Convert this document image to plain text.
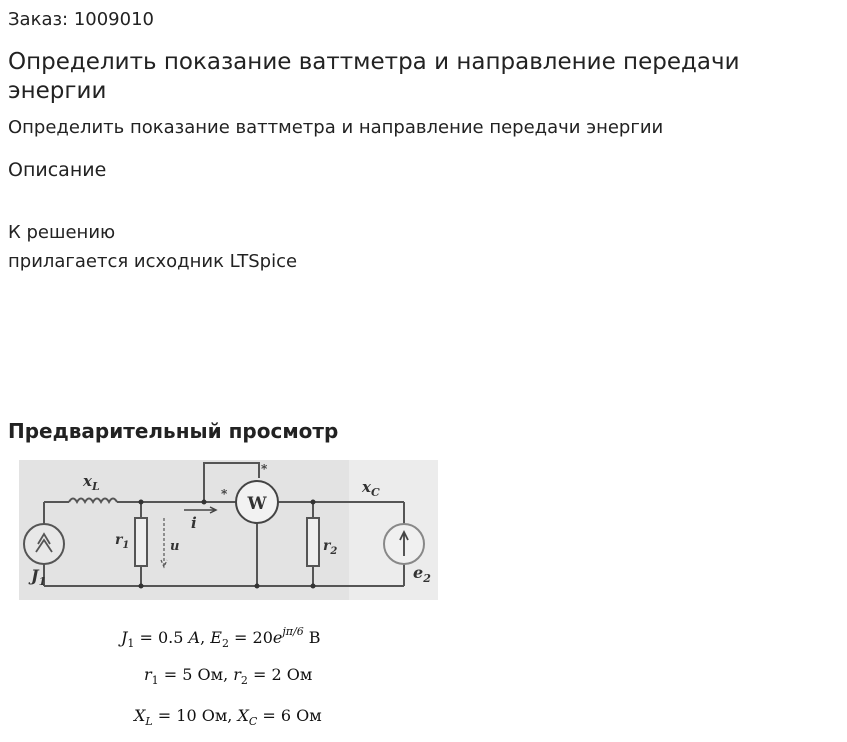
Заказ: 1009010
Определить показание ваттметра и направление передачи энергии
Определить показание ваттметра и направление передачи энергии
Описание
К решению
прилагается исходник LTSpice
Предварительный просмотр
W
$x_L$	$x_C$
$r_1$	$r_2$
i
u
$J_1$	$e_2$
*
*
$J_1 = 0.5$ A, $E_2 = 20e^{j\pi/6}$ В
$r_1 = 5$ Ом, $r_2 = 2$ Ом
$X_L = 10$ Ом, $X_C = 6$ Ом
